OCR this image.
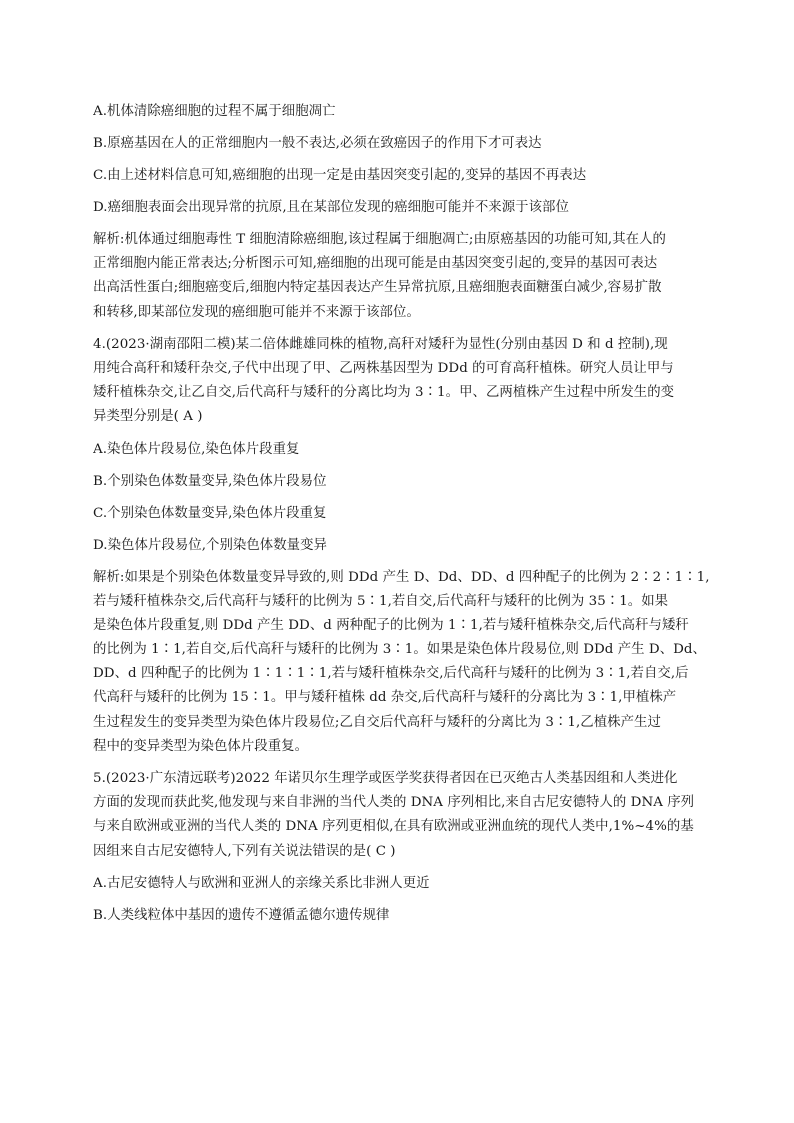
A.机体清除癌细胞的过程不属于细胞凋亡
B.原癌基因在人的正常细胞内一般不表达,必须在致癌因子的作用下才可表达
C.由上述材料信息可知,癌细胞的出现一定是由基因突变引起的,变异的基因不再表达
D.癌细胞表面会出现异常的抗原,且在某部位发现的癌细胞可能并不来源于该部位
解析:机体通过细胞毒性 T 细胞清除癌细胞,该过程属于细胞凋亡;由原癌基因的功能可知,其在人的
正常细胞内能正常表达;分析图示可知,癌细胞的出现可能是由基因突变引起的,变异的基因可表达
出高活性蛋白;细胞癌变后,细胞内特定基因表达产生异常抗原,且癌细胞表面糖蛋白减少,容易扩散
和转移,即某部位发现的癌细胞可能并不来源于该部位。
4.(2023·湖南邵阳二模)某二倍体雌雄同株的植物,高秆对矮秆为显性(分别由基因 D 和 d 控制),现
用纯合高秆和矮秆杂交,子代中出现了甲、乙两株基因型为 DDd 的可育高秆植株。研究人员让甲与
矮秆植株杂交,让乙自交,后代高秆与矮秆的分离比均为 3∶1。甲、乙两植株产生过程中所发生的变
异类型分别是( A )
A.染色体片段易位,染色体片段重复
B.个别染色体数量变异,染色体片段易位
C.个别染色体数量变异,染色体片段重复
D.染色体片段易位,个别染色体数量变异
解析:如果是个别染色体数量变异导致的,则 DDd 产生 D、Dd、DD、d 四种配子的比例为 2∶2∶1∶1,
若与矮秆植株杂交,后代高秆与矮秆的比例为 5∶1,若自交,后代高秆与矮秆的比例为 35∶1。如果
是染色体片段重复,则 DDd 产生 DD、d 两种配子的比例为 1∶1,若与矮秆植株杂交,后代高秆与矮秆
的比例为 1∶1,若自交,后代高秆与矮秆的比例为 3∶1。如果是染色体片段易位,则 DDd 产生 D、Dd、
DD、d 四种配子的比例为 1∶1∶1∶1,若与矮秆植株杂交,后代高秆与矮秆的比例为 3∶1,若自交,后
代高秆与矮秆的比例为 15∶1。甲与矮秆植株 dd 杂交,后代高秆与矮秆的分离比为 3∶1,甲植株产
生过程发生的变异类型为染色体片段易位;乙自交后代高秆与矮秆的分离比为 3∶1,乙植株产生过
程中的变异类型为染色体片段重复。
5.(2023·广东清远联考)2022 年诺贝尔生理学或医学奖获得者因在已灭绝古人类基因组和人类进化
方面的发现而获此奖,他发现与来自非洲的当代人类的 DNA 序列相比,来自古尼安德特人的 DNA 序列
与来自欧洲或亚洲的当代人类的 DNA 序列更相似,在具有欧洲或亚洲血统的现代人类中,1%~4%的基
因组来自古尼安德特人,下列有关说法错误的是( C )
A.古尼安德特人与欧洲和亚洲人的亲缘关系比非洲人更近
B.人类线粒体中基因的遗传不遵循孟德尔遗传规律
